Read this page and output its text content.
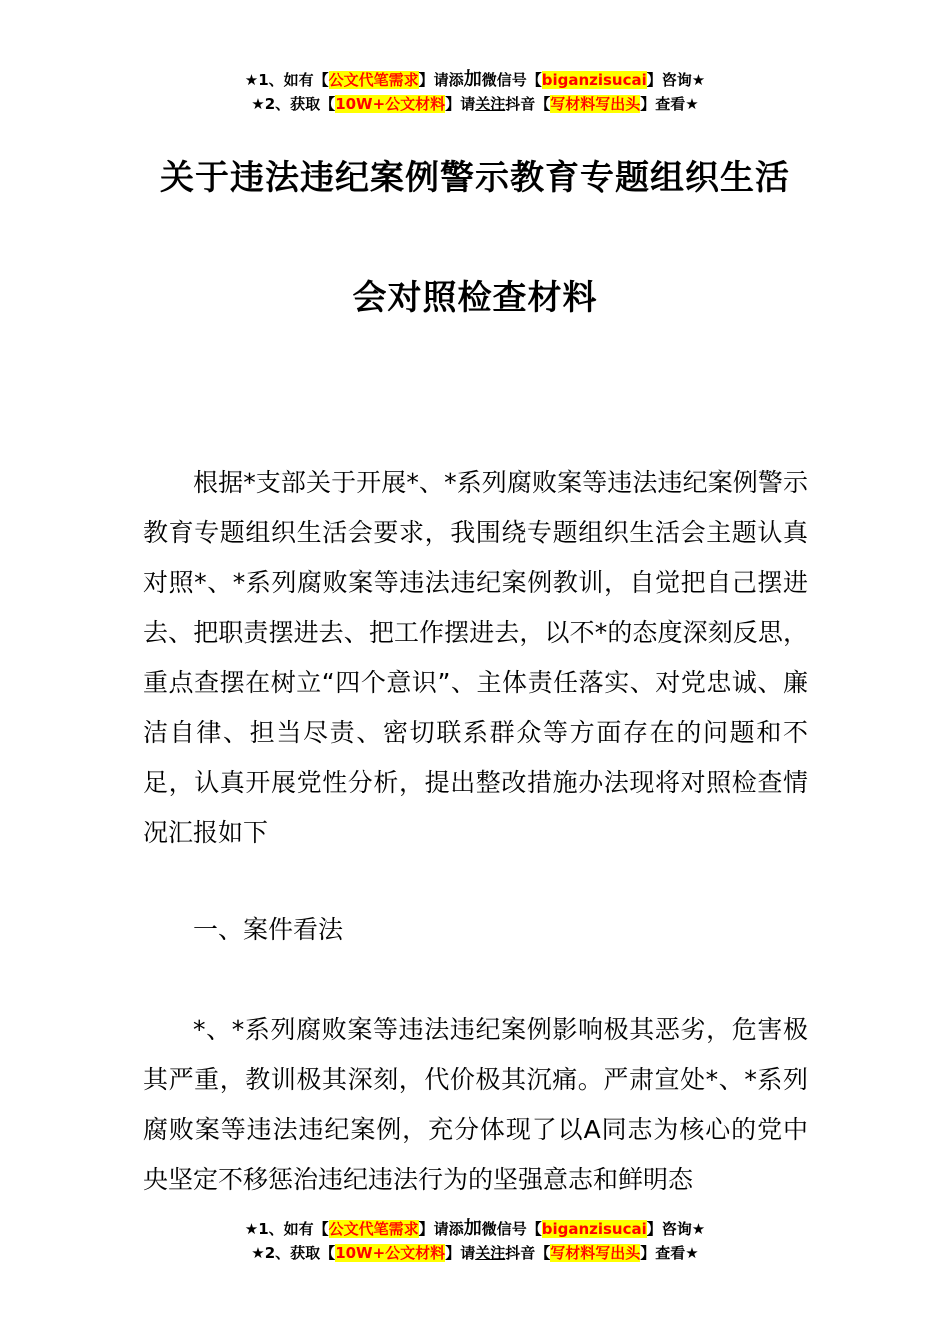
★1、如有【公文代笔需求】请添加微信号【biganzisucai】咨询★
★2、获取【10W+公文材料】请关注抖音【写材料写出头】查看★
关于违法违纪案例警示教育专题组织生活
会对照检查材料

根据*支部关于开展*、*系列腐败案等违法违纪案例警示教育专题组织生活会要求，我围绕专题组织生活会主题认真对照*、*系列腐败案等违法违纪案例教训，自觉把自己摆进去、把职责摆进去、把工作摆进去，以不*的态度深刻反思，重点查摆在树立“四个意识”、主体责任落实、对党忠诚、廉洁自律、担当尽责、密切联系群众等方面存在的问题和不足，认真开展党性分析，提出整改措施办法现将对照检查情况汇报如下

一、案件看法

*、*系列腐败案等违法违纪案例影响极其恶劣，危害极其严重，教训极其深刻，代价极其沉痛。严肃宣处*、*系列腐败案等违法违纪案例，充分体现了以A同志为核心的党中央坚定不移惩治违纪违法行为的坚强意志和鲜明态

★1、如有【公文代笔需求】请添加微信号【biganzisucai】咨询★
★2、获取【10W+公文材料】请关注抖音【写材料写出头】查看★
